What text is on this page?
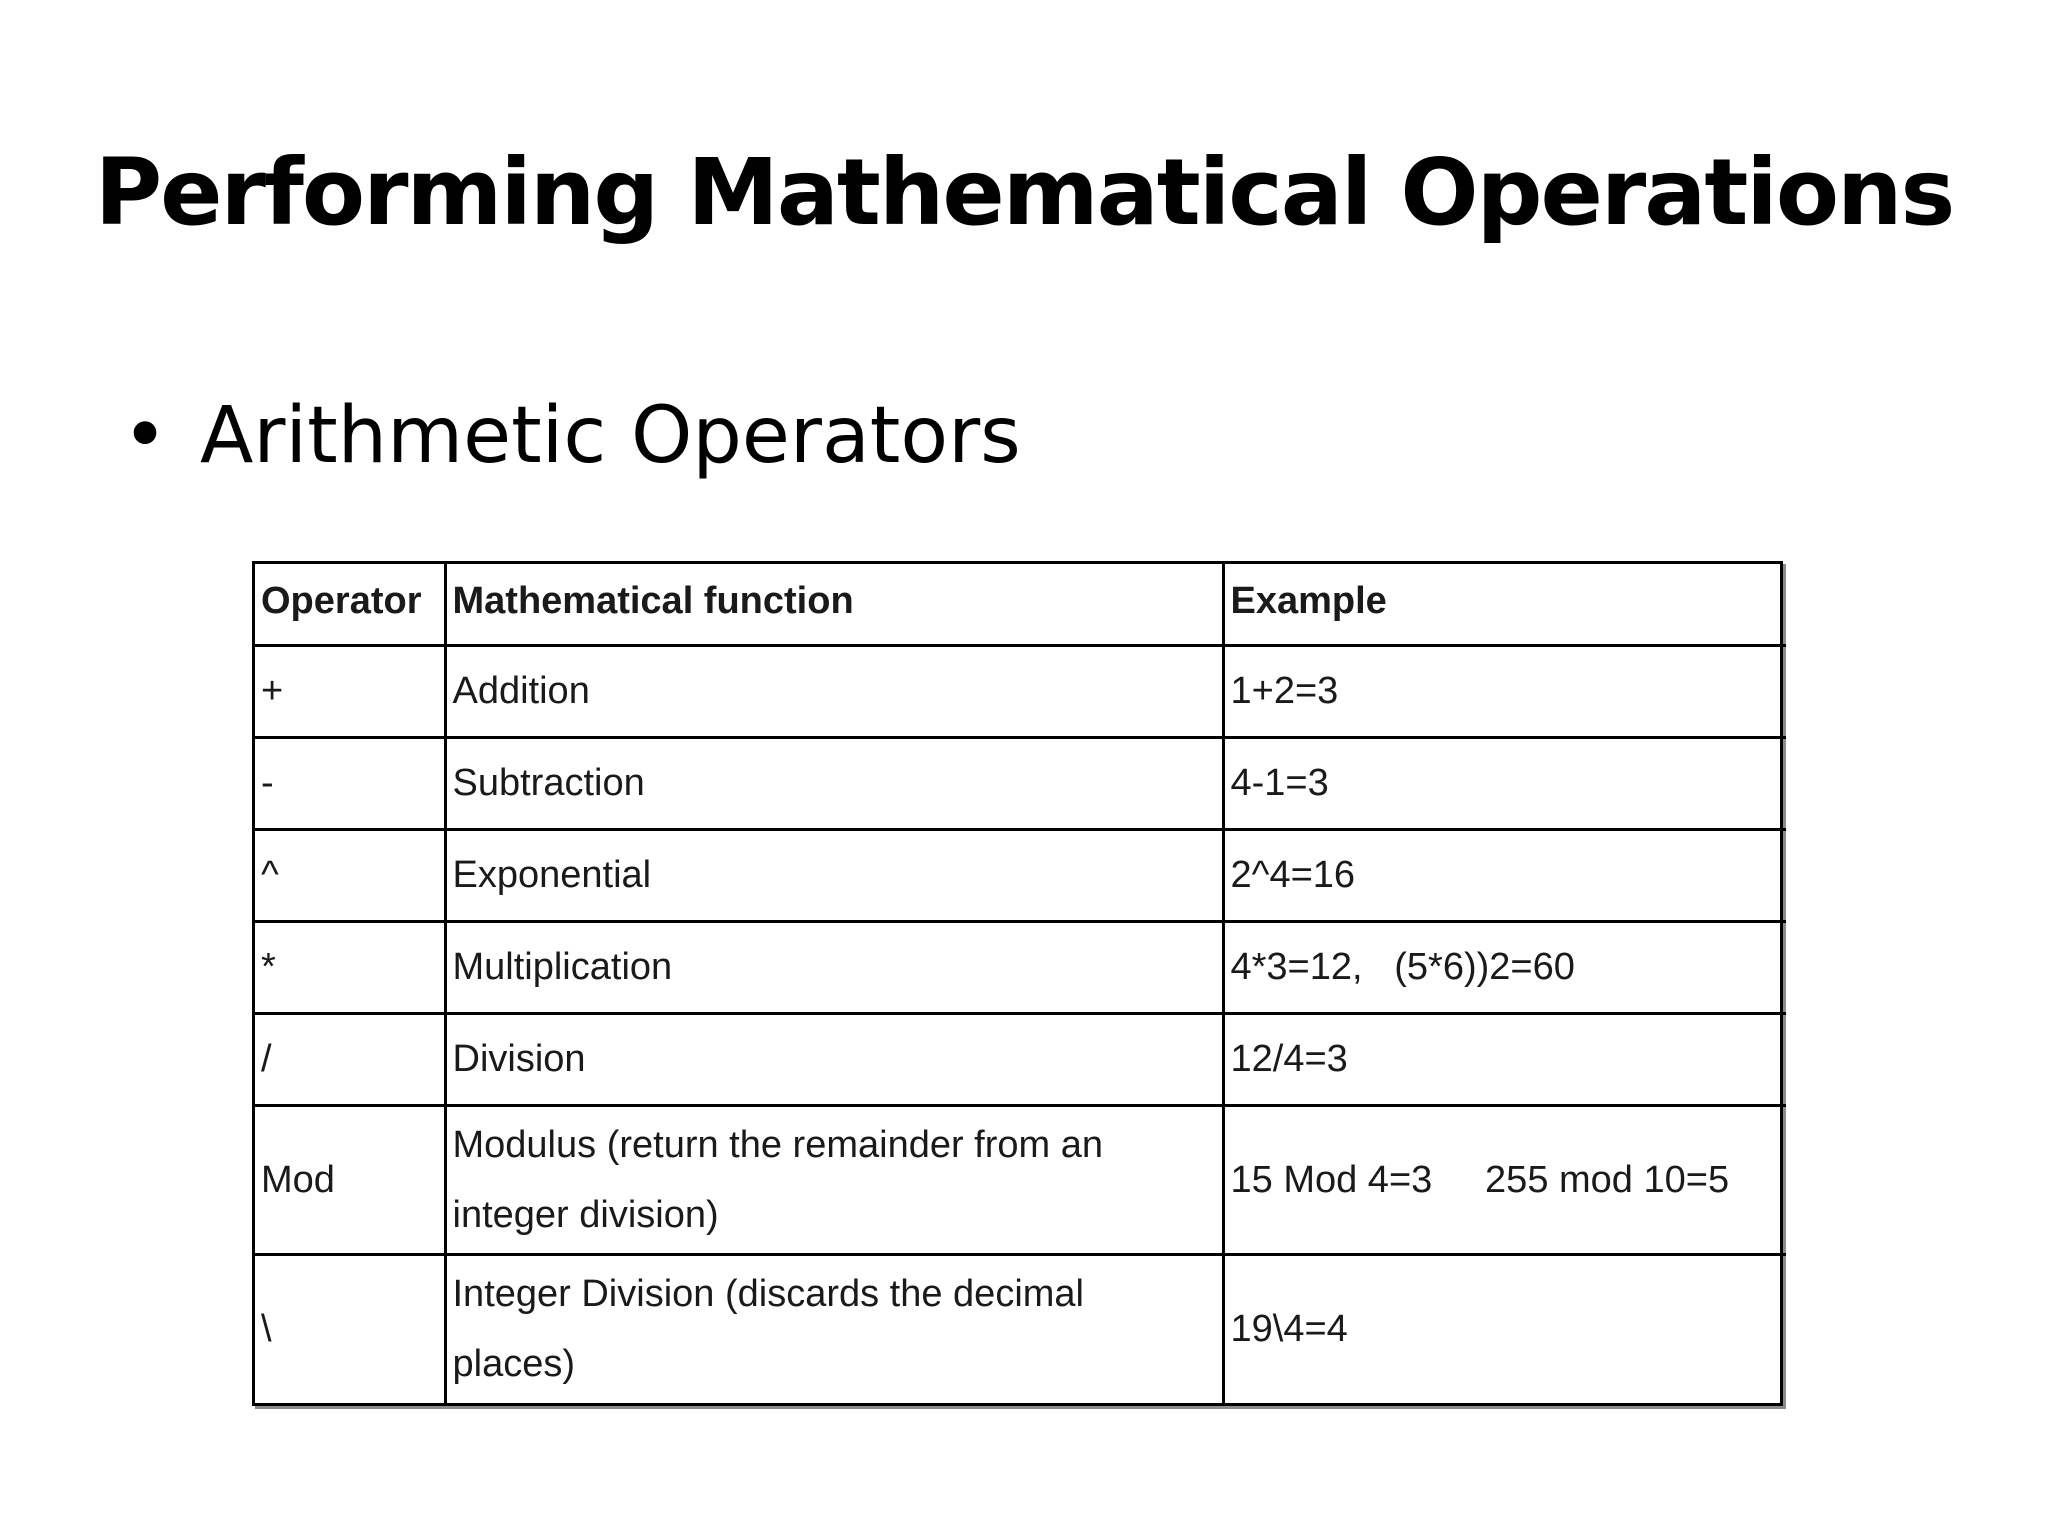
Performing Mathematical Operations
• Arithmetic Operators
Operator	Mathematical function	Example
+	Addition	1+2=3
-	Subtraction	4-1=3
^	Exponential	2^4=16
*	Multiplication	4*3=12,   (5*6))2=60
/	Division	12/4=3
Mod	Modulus (return the remainder from an integer division)	15 Mod 4=3     255 mod 10=5
\	Integer Division (discards the decimal places)	19\4=4
